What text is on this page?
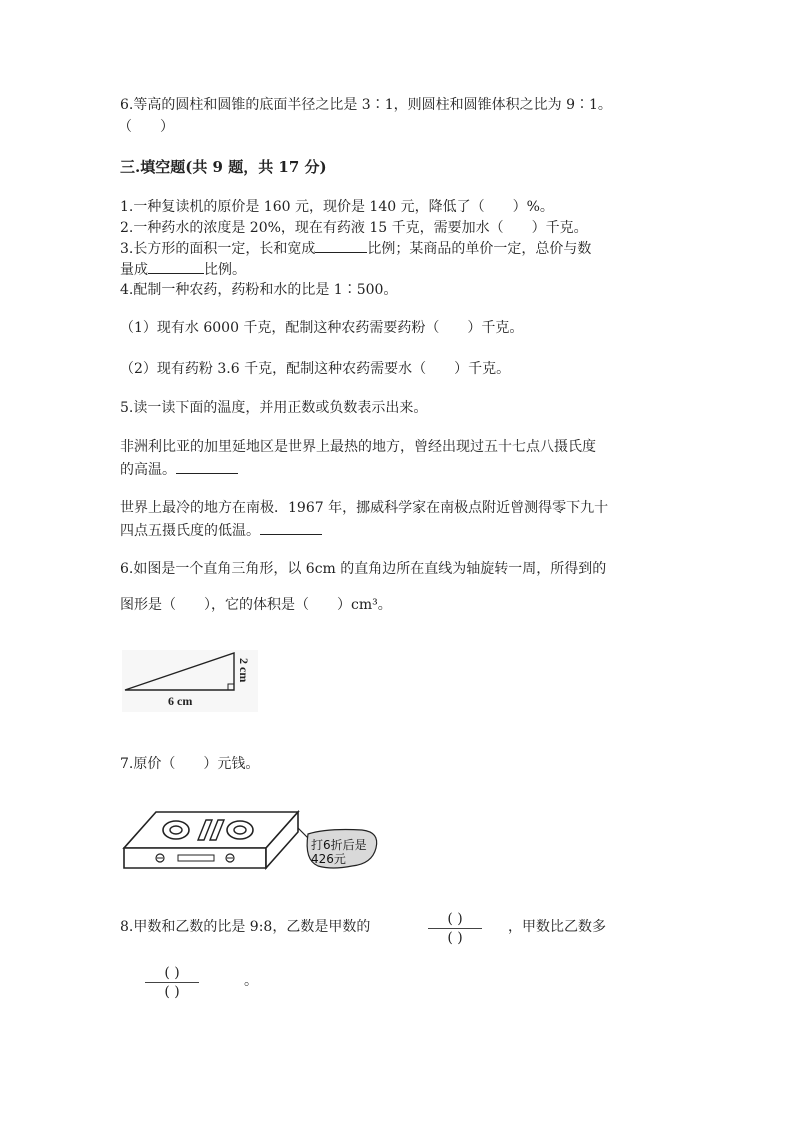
6.等高的圆柱和圆锥的底面半径之比是 3∶1，则圆柱和圆锥体积之比为 9∶1。
（　　）
三.填空题(共 9 题，共 17 分)
1.一种复读机的原价是 160 元，现价是 140 元，降低了（　　）%。
2.一种药水的浓度是 20%，现在有药液 15 千克，需要加水（　　）千克。
3.长方形的面积一定，长和宽成	比例；某商品的单价一定，总价与数
量成	比例。
4.配制一种农药，药粉和水的比是 1∶500。
（1）现有水 6000 千克，配制这种农药需要药粉（　　）千克。
（2）现有药粉 3.6 千克，配制这种农药需要水（　　）千克。
5.读一读下面的温度，并用正数或负数表示出来。
非洲利比亚的加里延地区是世界上最热的地方，曾经出现过五十七点八摄氏度
的高温。
世界上最冷的地方在南极．1967 年，挪威科学家在南极点附近曾测得零下九十
四点五摄氏度的低温。
6.如图是一个直角三角形，以 6cm 的直角边所在直线为轴旋转一周，所得到的
图形是（　　），它的体积是（　　）cm³。
6 cm
2 cm
7.原价（　　）元钱。
打6折后是
426元
8.甲数和乙数的比是 9:8，乙数是甲数的	( )
( )
，甲数比乙数多
( )
( )
。
